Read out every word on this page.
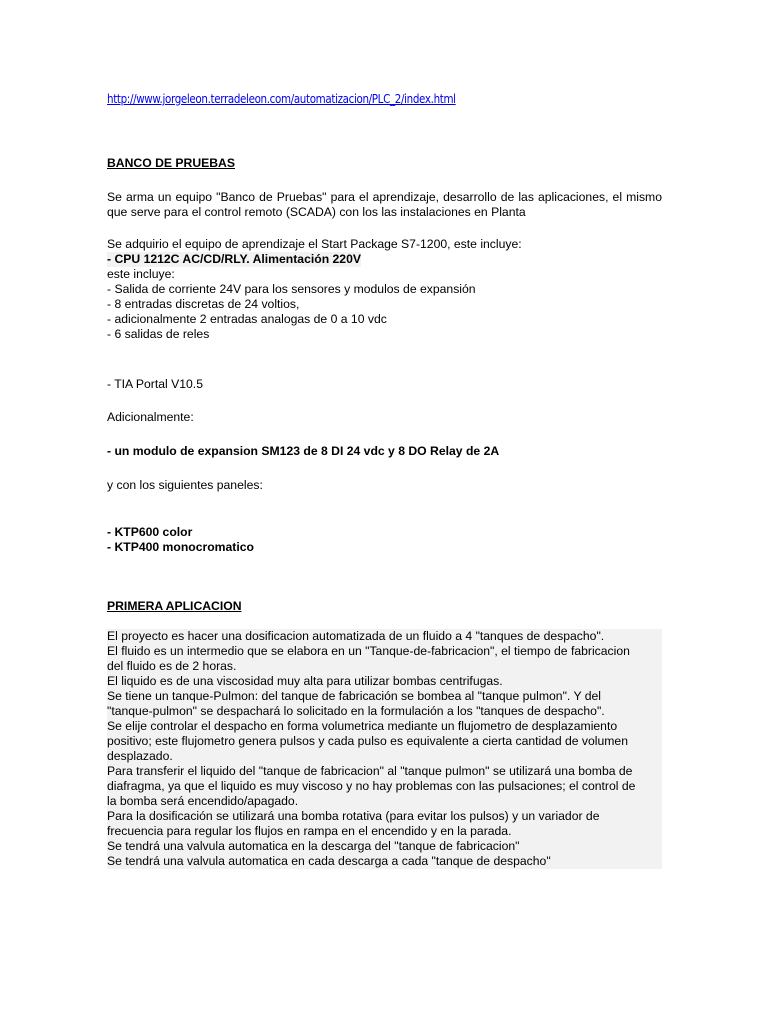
http://www.jorgeleon.terradeleon.com/automatizacion/PLC_2/index.html
BANCO DE PRUEBAS
Se arma un equipo "Banco de Pruebas" para el aprendizaje, desarrollo de las aplicaciones, el mismo que serve para el control remoto (SCADA) con los las instalaciones en Planta
Se adquirio el equipo de aprendizaje el Start Package S7-1200, este incluye:
- CPU 1212C AC/CD/RLY. Alimentación 220V
este incluye:
- Salida de corriente 24V para los sensores y modulos de expansión
- 8 entradas discretas de 24 voltios,
- adicionalmente 2 entradas analogas de 0 a 10 vdc
- 6 salidas de reles
- TIA Portal V10.5
Adicionalmente:
- un modulo de expansion SM123 de 8 DI 24 vdc y 8 DO Relay de 2A
y con los siguientes paneles:
- KTP600 color
- KTP400 monocromatico
PRIMERA APLICACION
El proyecto es hacer una dosificacion automatizada de un fluido a 4 "tanques de despacho".
El fluido es un intermedio que se elabora en un "Tanque-de-fabricacion", el tiempo de fabricacion
del fluido es de 2 horas.
El liquido es de una viscosidad muy alta para utilizar bombas centrifugas.
Se tiene un tanque-Pulmon: del tanque de fabricación se bombea al "tanque pulmon". Y del
"tanque-pulmon" se despachará lo solicitado en la formulación a los "tanques de despacho".
Se elije controlar el despacho en forma volumetrica mediante un flujometro de desplazamiento
positivo; este flujometro genera pulsos y cada pulso es equivalente a cierta cantidad de volumen
desplazado.
Para transferir el liquido del "tanque de fabricacion" al "tanque pulmon" se utilizará una bomba de
diafragma, ya que el liquido es muy viscoso y no hay problemas con las pulsaciones; el control de
la bomba será encendido/apagado.
Para la dosificación se utilizará una bomba rotativa (para evitar los pulsos) y un variador de
frecuencia para regular los flujos en rampa en el encendido y en la parada.
Se tendrá una valvula automatica en la descarga del "tanque de fabricacion"
Se tendrá una valvula automatica en cada descarga a cada "tanque de despacho"
